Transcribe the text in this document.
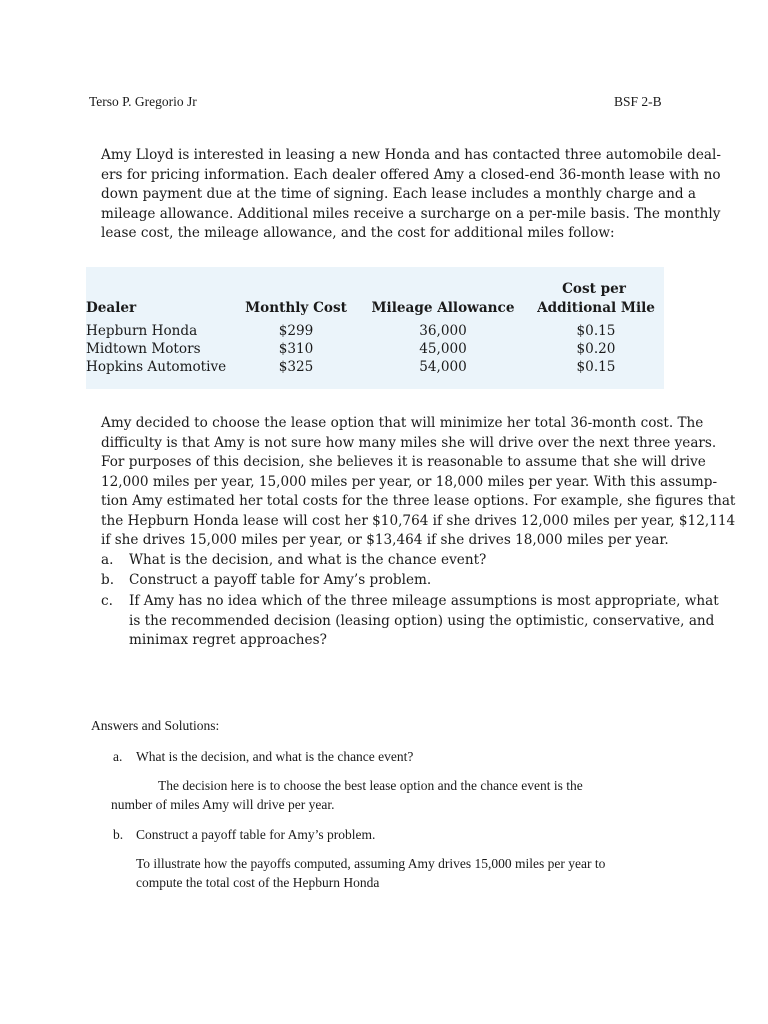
Terso P. Gregorio Jr	BSF 2-B
Amy Lloyd is interested in leasing a new Honda and has contacted three automobile deal-
ers for pricing information. Each dealer offered Amy a closed-end 36-month lease with no
down payment due at the time of signing. Each lease includes a monthly charge and a
mileage allowance. Additional miles receive a surcharge on a per-mile basis. The monthly
lease cost, the mileage allowance, and the cost for additional miles follow:
Cost per
Dealer	Monthly Cost	Mileage Allowance	Additional Mile
Hepburn Honda	$299	36,000	$0.15
Midtown Motors	$310	45,000	$0.20
Hopkins Automotive	$325	54,000	$0.15
Amy decided to choose the lease option that will minimize her total 36-month cost. The
difficulty is that Amy is not sure how many miles she will drive over the next three years.
For purposes of this decision, she believes it is reasonable to assume that she will drive
12,000 miles per year, 15,000 miles per year, or 18,000 miles per year. With this assump-
tion Amy estimated her total costs for the three lease options. For example, she figures that
the Hepburn Honda lease will cost her $10,764 if she drives 12,000 miles per year, $12,114
if she drives 15,000 miles per year, or $13,464 if she drives 18,000 miles per year.
a. What is the decision, and what is the chance event?
b. Construct a payoff table for Amy’s problem.
c. If Amy has no idea which of the three mileage assumptions is most appropriate, what
is the recommended decision (leasing option) using the optimistic, conservative, and
minimax regret approaches?
Answers and Solutions:
a. What is the decision, and what is the chance event?
The decision here is to choose the best lease option and the chance event is the
number of miles Amy will drive per year.
b. Construct a payoff table for Amy’s problem.
To illustrate how the payoffs computed, assuming Amy drives 15,000 miles per year to
compute the total cost of the Hepburn Honda
